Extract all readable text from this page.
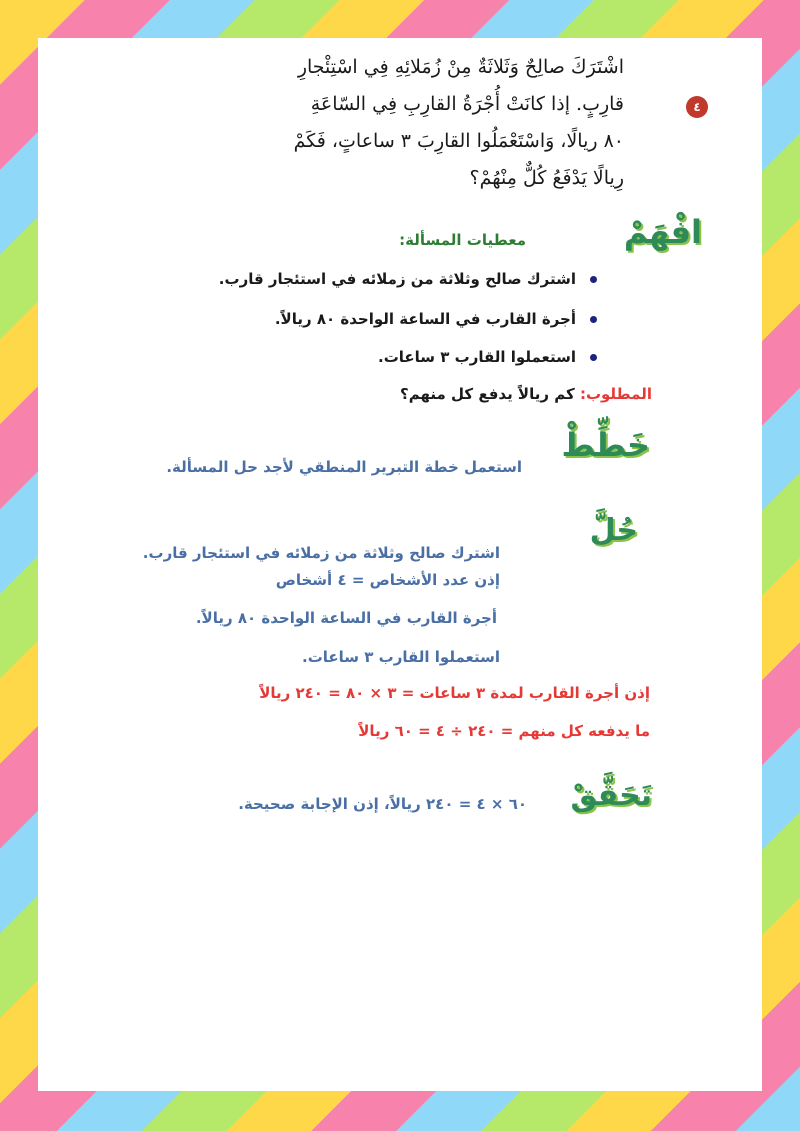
٤
اشْتَرَكَ صالِحٌ وَثَلاثَةٌ مِنْ زُمَلائِهِ فِي اسْتِئْجارِ
قارِبٍ. إذا كانَتْ أُجْرَةُ القارِبِ فِي السّاعَةِ
٨٠ ريالًا، وَاسْتَعْمَلُوا القارِبَ ٣ ساعاتٍ، فَكَمْ
رِيالًا يَدْفَعُ كُلٌّ مِنْهُمْ؟
افْهَمْ
معطيات المسألة:
اشترك صالح وثلاثة من زملائه في استئجار قارب.
أجرة القارب في الساعة الواحدة ٨٠ ريالاً.
استعملوا القارب ٣ ساعات.
المطلوب: كم ريالاً يدفع كل منهم؟
خَطِّطْ
استعمل خطة التبرير المنطقي لأجد حل المسألة.
حُلَّ
اشترك صالح وثلاثة من زملائه في استئجار قارب.
إذن عدد الأشخاص = ٤ أشخاص
أجرة القارب في الساعة الواحدة ٨٠ ريالاً.
استعملوا القارب ٣ ساعات.
إذن أجرة القارب لمدة ٣ ساعات = ٣ × ٨٠ = ٢٤٠ ريالاً
ما يدفعه كل منهم = ٢٤٠ ÷ ٤ = ٦٠ ريالاً
تَحَقَّقْ
٦٠ × ٤ = ٢٤٠ ريالاً، إذن الإجابة صحيحة.
